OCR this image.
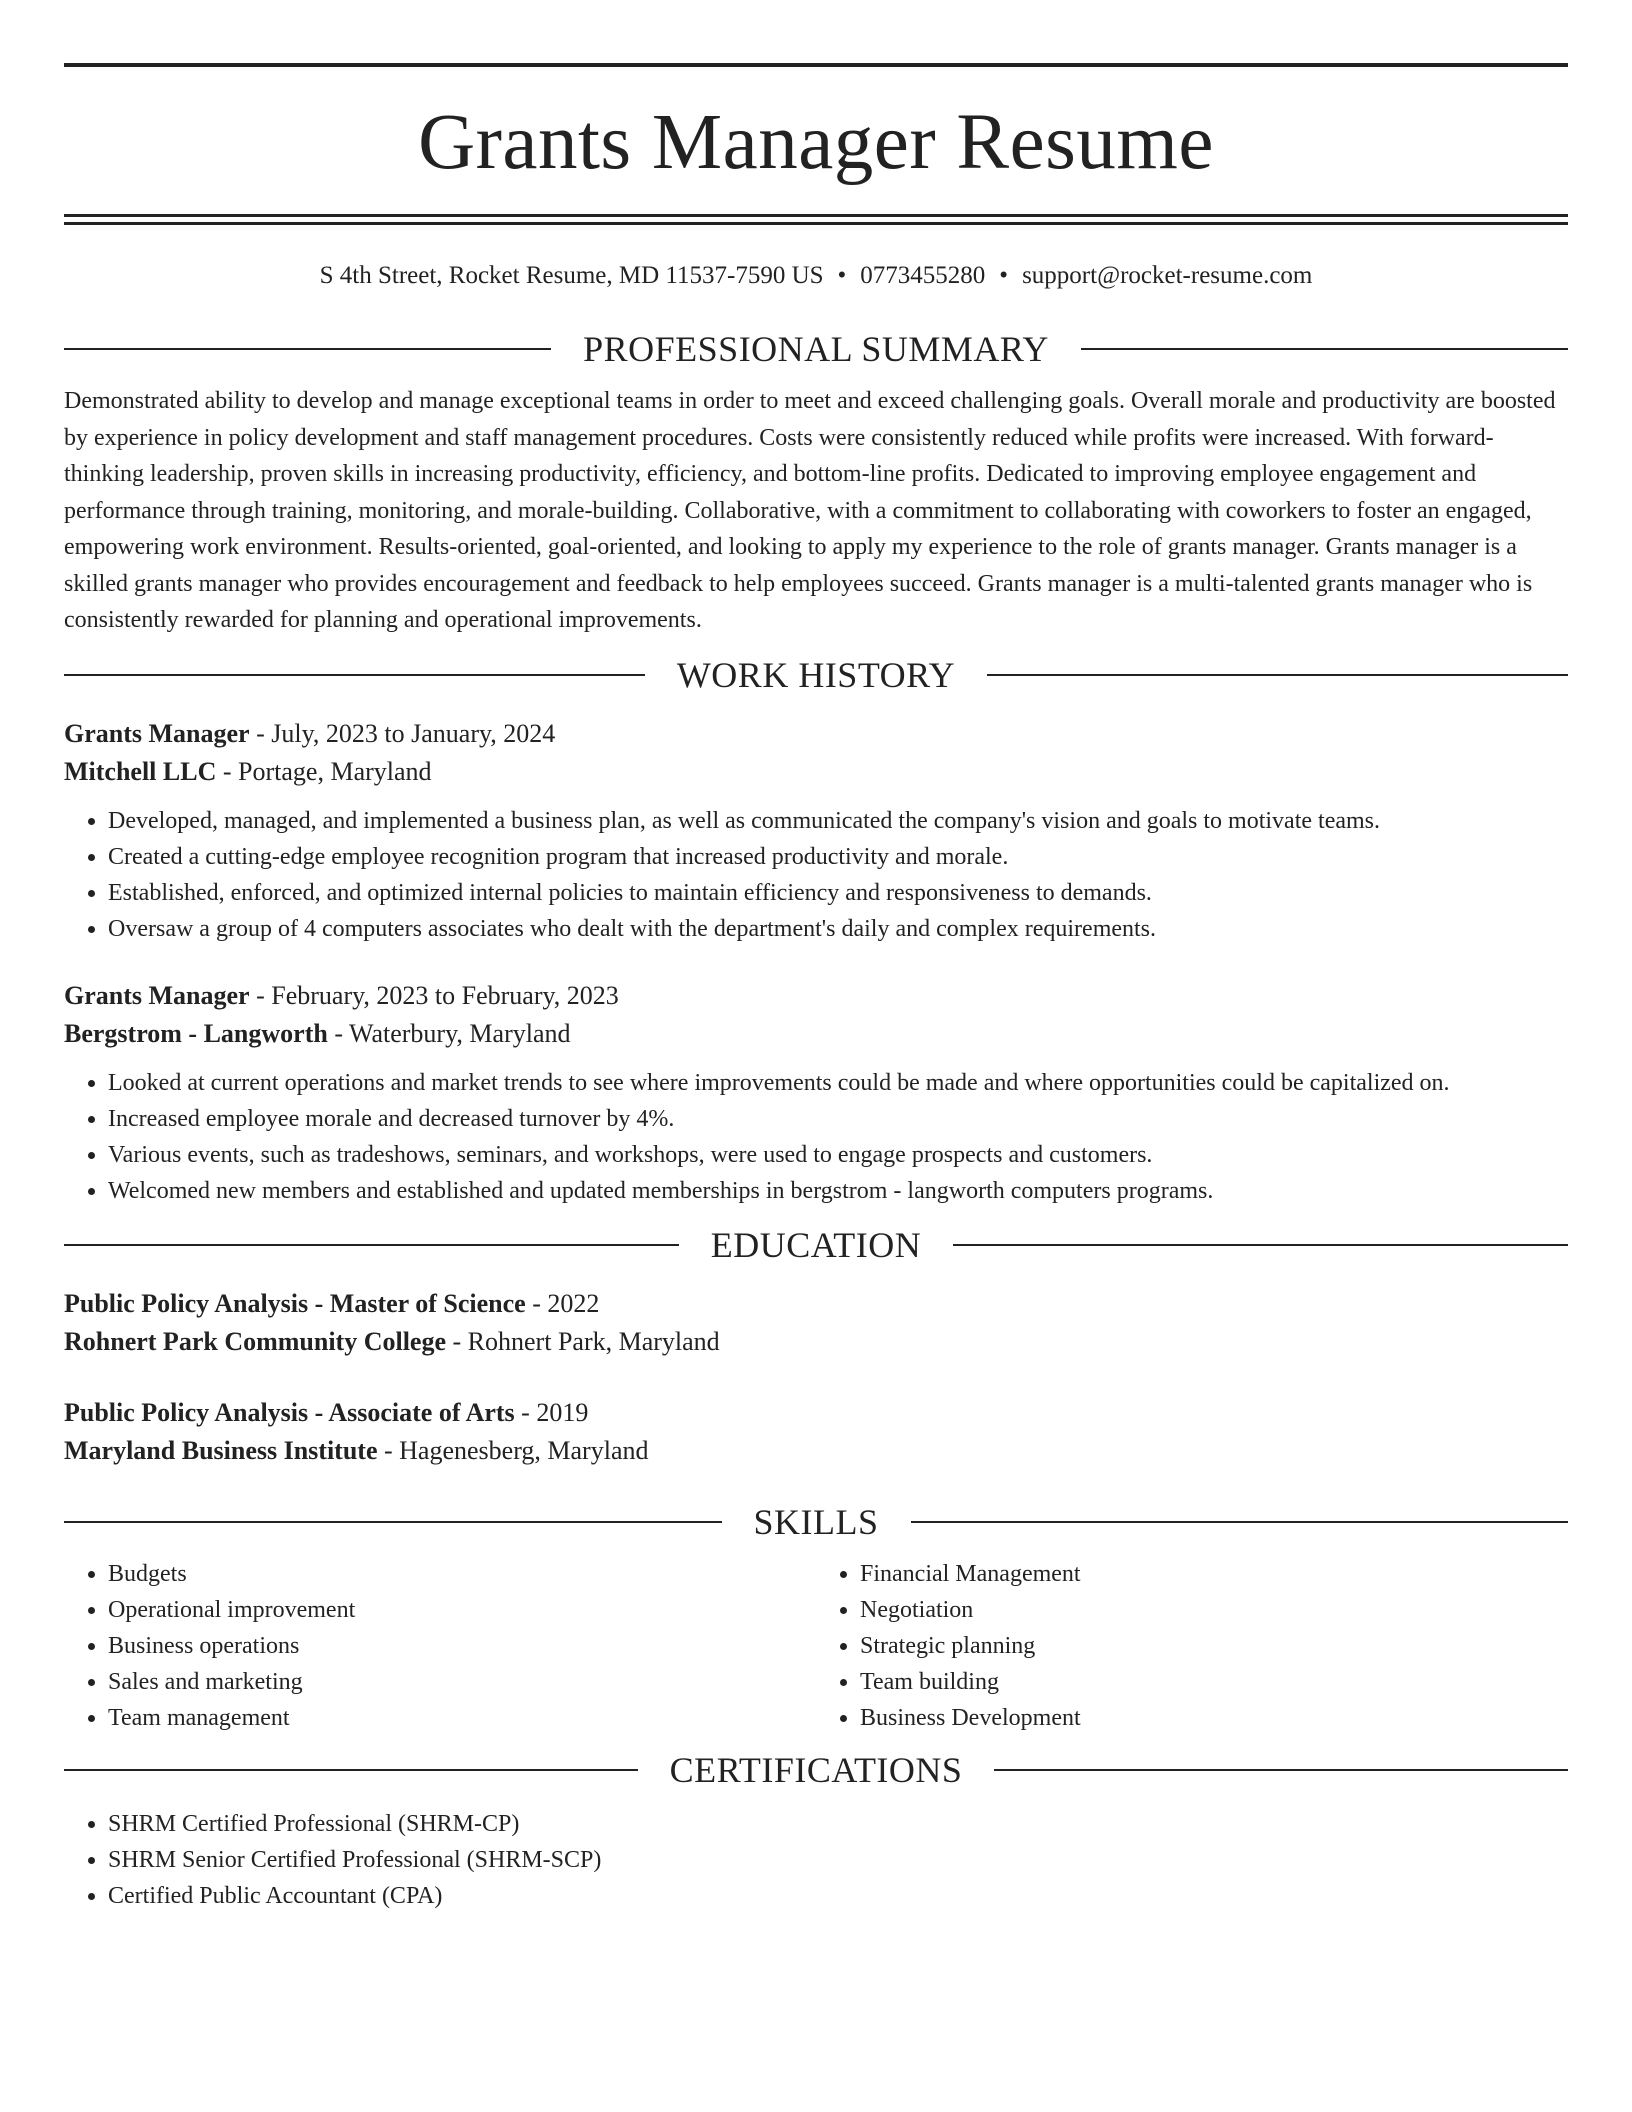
Grants Manager Resume
S 4th Street, Rocket Resume, MD 11537-7590 US • 0773455280 • support@rocket-resume.com
PROFESSIONAL SUMMARY

Demonstrated ability to develop and manage exceptional teams in order to meet and exceed challenging goals. Overall morale and productivity are boosted by experience in policy development and staff management procedures. Costs were consistently reduced while profits were increased. With forward-thinking leadership, proven skills in increasing productivity, efficiency, and bottom-line profits. Dedicated to improving employee engagement and performance through training, monitoring, and morale-building. Collaborative, with a commitment to collaborating with coworkers to foster an engaged, empowering work environment. Results-oriented, goal-oriented, and looking to apply my experience to the role of grants manager. Grants manager is a skilled grants manager who provides encouragement and feedback to help employees succeed. Grants manager is a multi-talented grants manager who is consistently rewarded for planning and operational improvements.

WORK HISTORY
Grants Manager - July, 2023 to January, 2024
Mitchell LLC - Portage, Maryland
• Developed, managed, and implemented a business plan, as well as communicated the company's vision and goals to motivate teams.
• Created a cutting-edge employee recognition program that increased productivity and morale.
• Established, enforced, and optimized internal policies to maintain efficiency and responsiveness to demands.
• Oversaw a group of 4 computers associates who dealt with the department's daily and complex requirements.
Grants Manager - February, 2023 to February, 2023
Bergstrom - Langworth - Waterbury, Maryland
• Looked at current operations and market trends to see where improvements could be made and where opportunities could be capitalized on.
• Increased employee morale and decreased turnover by 4%.
• Various events, such as tradeshows, seminars, and workshops, were used to engage prospects and customers.
• Welcomed new members and established and updated memberships in bergstrom - langworth computers programs.
EDUCATION
Public Policy Analysis - Master of Science - 2022
Rohnert Park Community College - Rohnert Park, Maryland
Public Policy Analysis - Associate of Arts - 2019
Maryland Business Institute - Hagenesberg, Maryland
SKILLS
• Budgets
• Operational improvement
• Business operations
• Sales and marketing
• Team management
• Financial Management
• Negotiation
• Strategic planning
• Team building
• Business Development
CERTIFICATIONS
• SHRM Certified Professional (SHRM-CP)
• SHRM Senior Certified Professional (SHRM-SCP)
• Certified Public Accountant (CPA)
